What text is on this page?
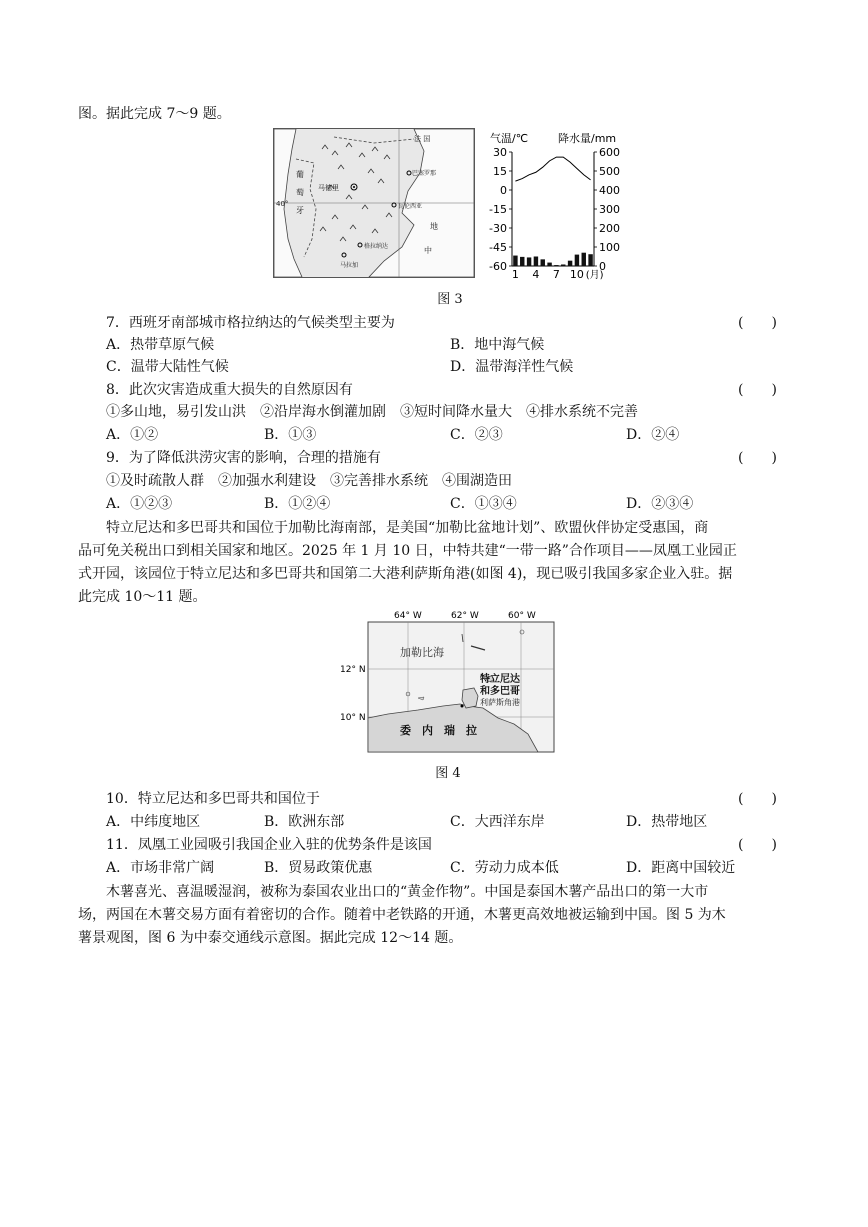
图。据此完成 7～9 题。
法 国
巴塞罗那
马德里
瓦伦西亚
格拉纳达
马拉加
葡
萄
牙
40°
地
中
气温/℃	降水量/mm
30
15
0
-15
-30
-45
-60
600
500
400
300
200
100
0
1 4 7 10 (月)
图 3
7．西班牙南部城市格拉纳达的气候类型主要为	(　　)
A．热带草原气候	B．地中海气候
C．温带大陆性气候	D．温带海洋性气候
8．此次灾害造成重大损失的自然原因有	(　　)
①多山地，易引发山洪　②沿岸海水倒灌加剧　③短时间降水量大　④排水系统不完善
A．①②	B．①③	C．②③	D．②④
9．为了降低洪涝灾害的影响，合理的措施有	(　　)
①及时疏散人群　②加强水利建设　③完善排水系统　④围湖造田
A．①②③	B．①②④	C．①③④	D．②③④
特立尼达和多巴哥共和国位于加勒比海南部，是美国“加勒比盆地计划”、欧盟伙伴协定受惠国，商
品可免关税出口到相关国家和地区。2025 年 1 月 10 日，中特共建“一带一路”合作项目——凤凰工业园正
式开园，该园位于特立尼达和多巴哥共和国第二大港利萨斯角港(如图 4)，现已吸引我国多家企业入驻。据
此完成 10～11 题。
64° W	62° W	60° W
12° N
10° N
加勒比海
特立尼达
和多巴哥
利萨斯角港
委　内　瑞　拉
图 4
10．特立尼达和多巴哥共和国位于	(　　)
A．中纬度地区	B．欧洲东部	C．大西洋东岸	D．热带地区
11．凤凰工业园吸引我国企业入驻的优势条件是该国	(　　)
A．市场非常广阔	B．贸易政策优惠	C．劳动力成本低	D．距离中国较近
木薯喜光、喜温暖湿润，被称为泰国农业出口的“黄金作物”。中国是泰国木薯产品出口的第一大市
场，两国在木薯交易方面有着密切的合作。随着中老铁路的开通，木薯更高效地被运输到中国。图 5 为木
薯景观图，图 6 为中泰交通线示意图。据此完成 12～14 题。
